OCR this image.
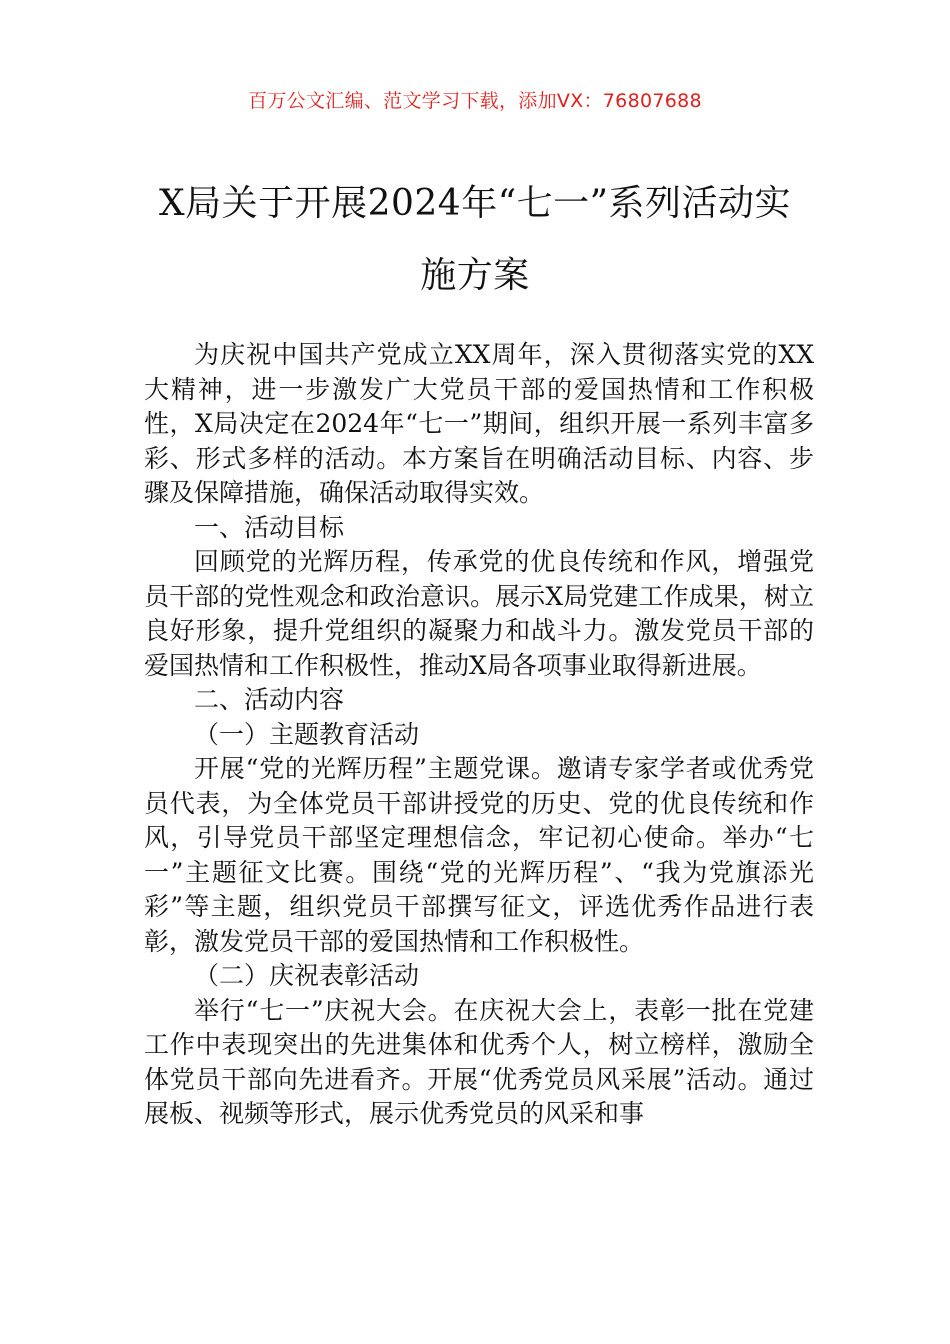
百万公文汇编、范文学习下载，添加VX：76807688
X局关于开展2024年“七一”系列活动实
施方案

为庆祝中国共产党成立XX周年，深入贯彻落实党的XX大精神，进一步激发广大党员干部的爱国热情和工作积极性，X局决定在2024年“七一”期间，组织开展一系列丰富多彩、形式多样的活动。本方案旨在明确活动目标、内容、步骤及保障措施，确保活动取得实效。

一、活动目标

回顾党的光辉历程，传承党的优良传统和作风，增强党员干部的党性观念和政治意识。展示X局党建工作成果，树立良好形象，提升党组织的凝聚力和战斗力。激发党员干部的爱国热情和工作积极性，推动X局各项事业取得新进展。

二、活动内容

（一）主题教育活动

开展“党的光辉历程”主题党课。邀请专家学者或优秀党员代表，为全体党员干部讲授党的历史、党的优良传统和作风，引导党员干部坚定理想信念，牢记初心使命。举办“七一”主题征文比赛。围绕“党的光辉历程”、“我为党旗添光彩”等主题，组织党员干部撰写征文，评选优秀作品进行表彰，激发党员干部的爱国热情和工作积极性。

（二）庆祝表彰活动

举行“七一”庆祝大会。在庆祝大会上，表彰一批在党建工作中表现突出的先进集体和优秀个人，树立榜样，激励全体党员干部向先进看齐。开展“优秀党员风采展”活动。通过展板、视频等形式，展示优秀党员的风采和事
